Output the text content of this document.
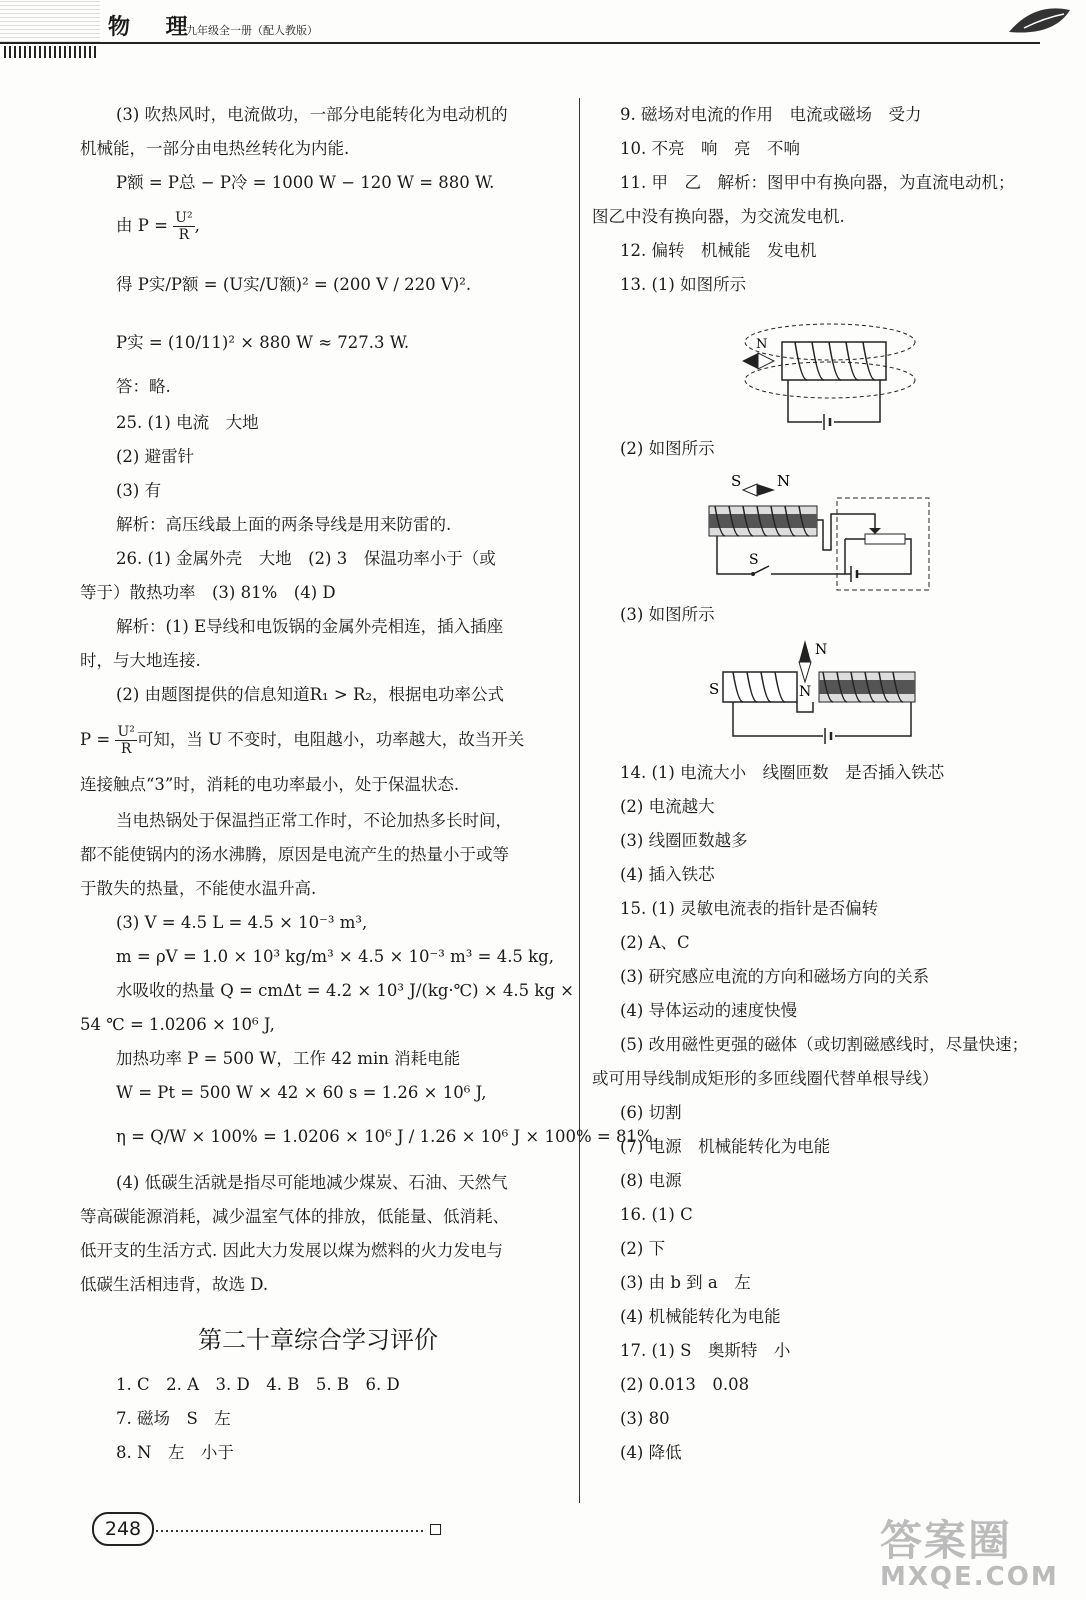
物 理
九年级全一册（配人教版）

(3) 吹热风时，电流做功，一部分电能转化为电动机的

机械能，一部分由电热丝转化为内能.

P额 = P总 − P冷 = 1000 W − 120 W = 880 W.

由 $P = \frac{\text{U²}}{R}$ ,

得 P实/P额 = (U实/U额)² = (200 V / 220 V)².

P实 = (10/11)² × 880 W ≈ 727.3 W.

答：略.

25. (1) 电流　大地

(2) 避雷针

(3) 有

解析：高压线最上面的两条导线是用来防雷的.

26. (1) 金属外壳　大地　(2) 3　保温功率小于（或

等于）散热功率　(3) 81%　(4) D

解析：(1) E导线和电饭锅的金属外壳相连，插入插座

时，与大地连接.

(2) 由题图提供的信息知道R₁ > R₂，根据电功率公式

$P = \frac{\text{U²}}{R}$ 可知，当 U 不变时，电阻越小，功率越大，故当开关

连接触点“3”时，消耗的电功率最小，处于保温状态.

当电热锅处于保温挡正常工作时，不论加热多长时间，

都不能使锅内的汤水沸腾，原因是电流产生的热量小于或等

于散失的热量，不能使水温升高.

(3) V = 4.5 L = 4.5 × 10⁻³ m³,

m = ρV = 1.0 × 10³ kg/m³ × 4.5 × 10⁻³ m³ = 4.5 kg,

水吸收的热量 Q = cmΔt = 4.2 × 10³ J/(kg·℃) × 4.5 kg ×

54 ℃ = 1.0206 × 10⁶ J,

加热功率 P = 500 W，工作 42 min 消耗电能

W = Pt = 500 W × 42 × 60 s = 1.26 × 10⁶ J,

η = Q/W × 100% = 1.0206 × 10⁶ J / 1.26 × 10⁶ J × 100% = 81%.

(4) 低碳生活就是指尽可能地减少煤炭、石油、天然气

等高碳能源消耗，减少温室气体的排放，低能量、低消耗、

低开支的生活方式. 因此大力发展以煤为燃料的火力发电与

低碳生活相违背，故选 D.

1. C　2. A　3. D　4. B　5. B　6. D

7. 磁场　S　左

8. N　左　小于

第二十章综合学习评价

9. 磁场对电流的作用　电流或磁场　受力

10. 不亮　响　亮　不响

11. 甲　乙　解析：图甲中有换向器，为直流电动机；

图乙中没有换向器，为交流发电机.

12. 偏转　机械能　发电机

13. (1) 如图所示

(2) 如图所示

(3) 如图所示

14. (1) 电流大小　线圈匝数　是否插入铁芯

(2) 电流越大

(3) 线圈匝数越多

(4) 插入铁芯

15. (1) 灵敏电流表的指针是否偏转

(2) A、C

(3) 研究感应电流的方向和磁场方向的关系

(4) 导体运动的速度快慢

(5) 改用磁性更强的磁体（或切割磁感线时，尽量快速；

或可用导线制成矩形的多匝线圈代替单根导线）

(6) 切割

(7) 电源　机械能转化为电能

(8) 电源

16. (1) C

(2) 下

(3) 由 b 到 a　左

(4) 机械能转化为电能

17. (1) S　奥斯特　小

(2) 0.013　0.08

(3) 80

(4) 降低

N
S N
S
N
S	N
248	答案圈
MXQE.COM
